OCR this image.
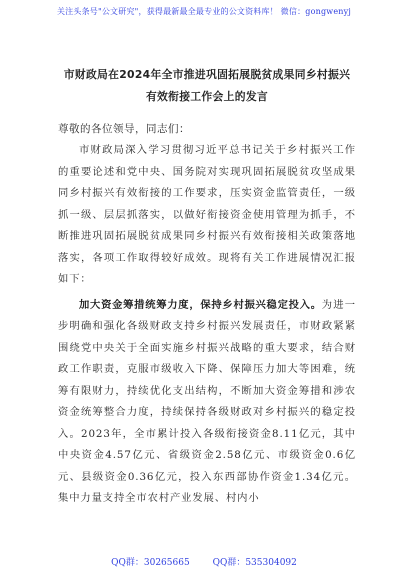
关注头条号"公文研究"，获得最新最全最专业的公文资料库！ 微信：gongwenyj

市财政局在2024年全市推进巩固拓展脱贫成果同乡村振兴
有效衔接工作会上的发言

尊敬的各位领导，同志们：

市财政局深入学习贯彻习近平总书记关于乡村振兴工作的重要论述和党中央、国务院对实现巩固拓展脱贫攻坚成果同乡村振兴有效衔接的工作要求，压实资金监管责任，一级抓一级、层层抓落实，以做好衔接资金使用管理为抓手，不断推进巩固拓展脱贫成果同乡村振兴有效衔接相关政策落地落实，各项工作取得较好成效。现将有关工作进展情况汇报如下：

加大资金筹措统筹力度，保持乡村振兴稳定投入。为进一步明确和强化各级财政支持乡村振兴发展责任，市财政紧紧围绕党中央关于全面实施乡村振兴战略的重大要求，结合财政工作职责，克服市级收入下降、保障压力加大等困难，统筹有限财力，持续优化支出结构，不断加大资金筹措和涉农资金统筹整合力度，持续保持各级财政对乡村振兴的稳定投入。2023年，全市累计投入各级衔接资金8.11亿元，其中中央资金4.57亿元、省级资金2.58亿元、市级资金0.6亿元、县级资金0.36亿元，投入东西部协作资金1.34亿元。集中力量支持全市农村产业发展、村内小

QQ群：30265665	QQ群：535304092
